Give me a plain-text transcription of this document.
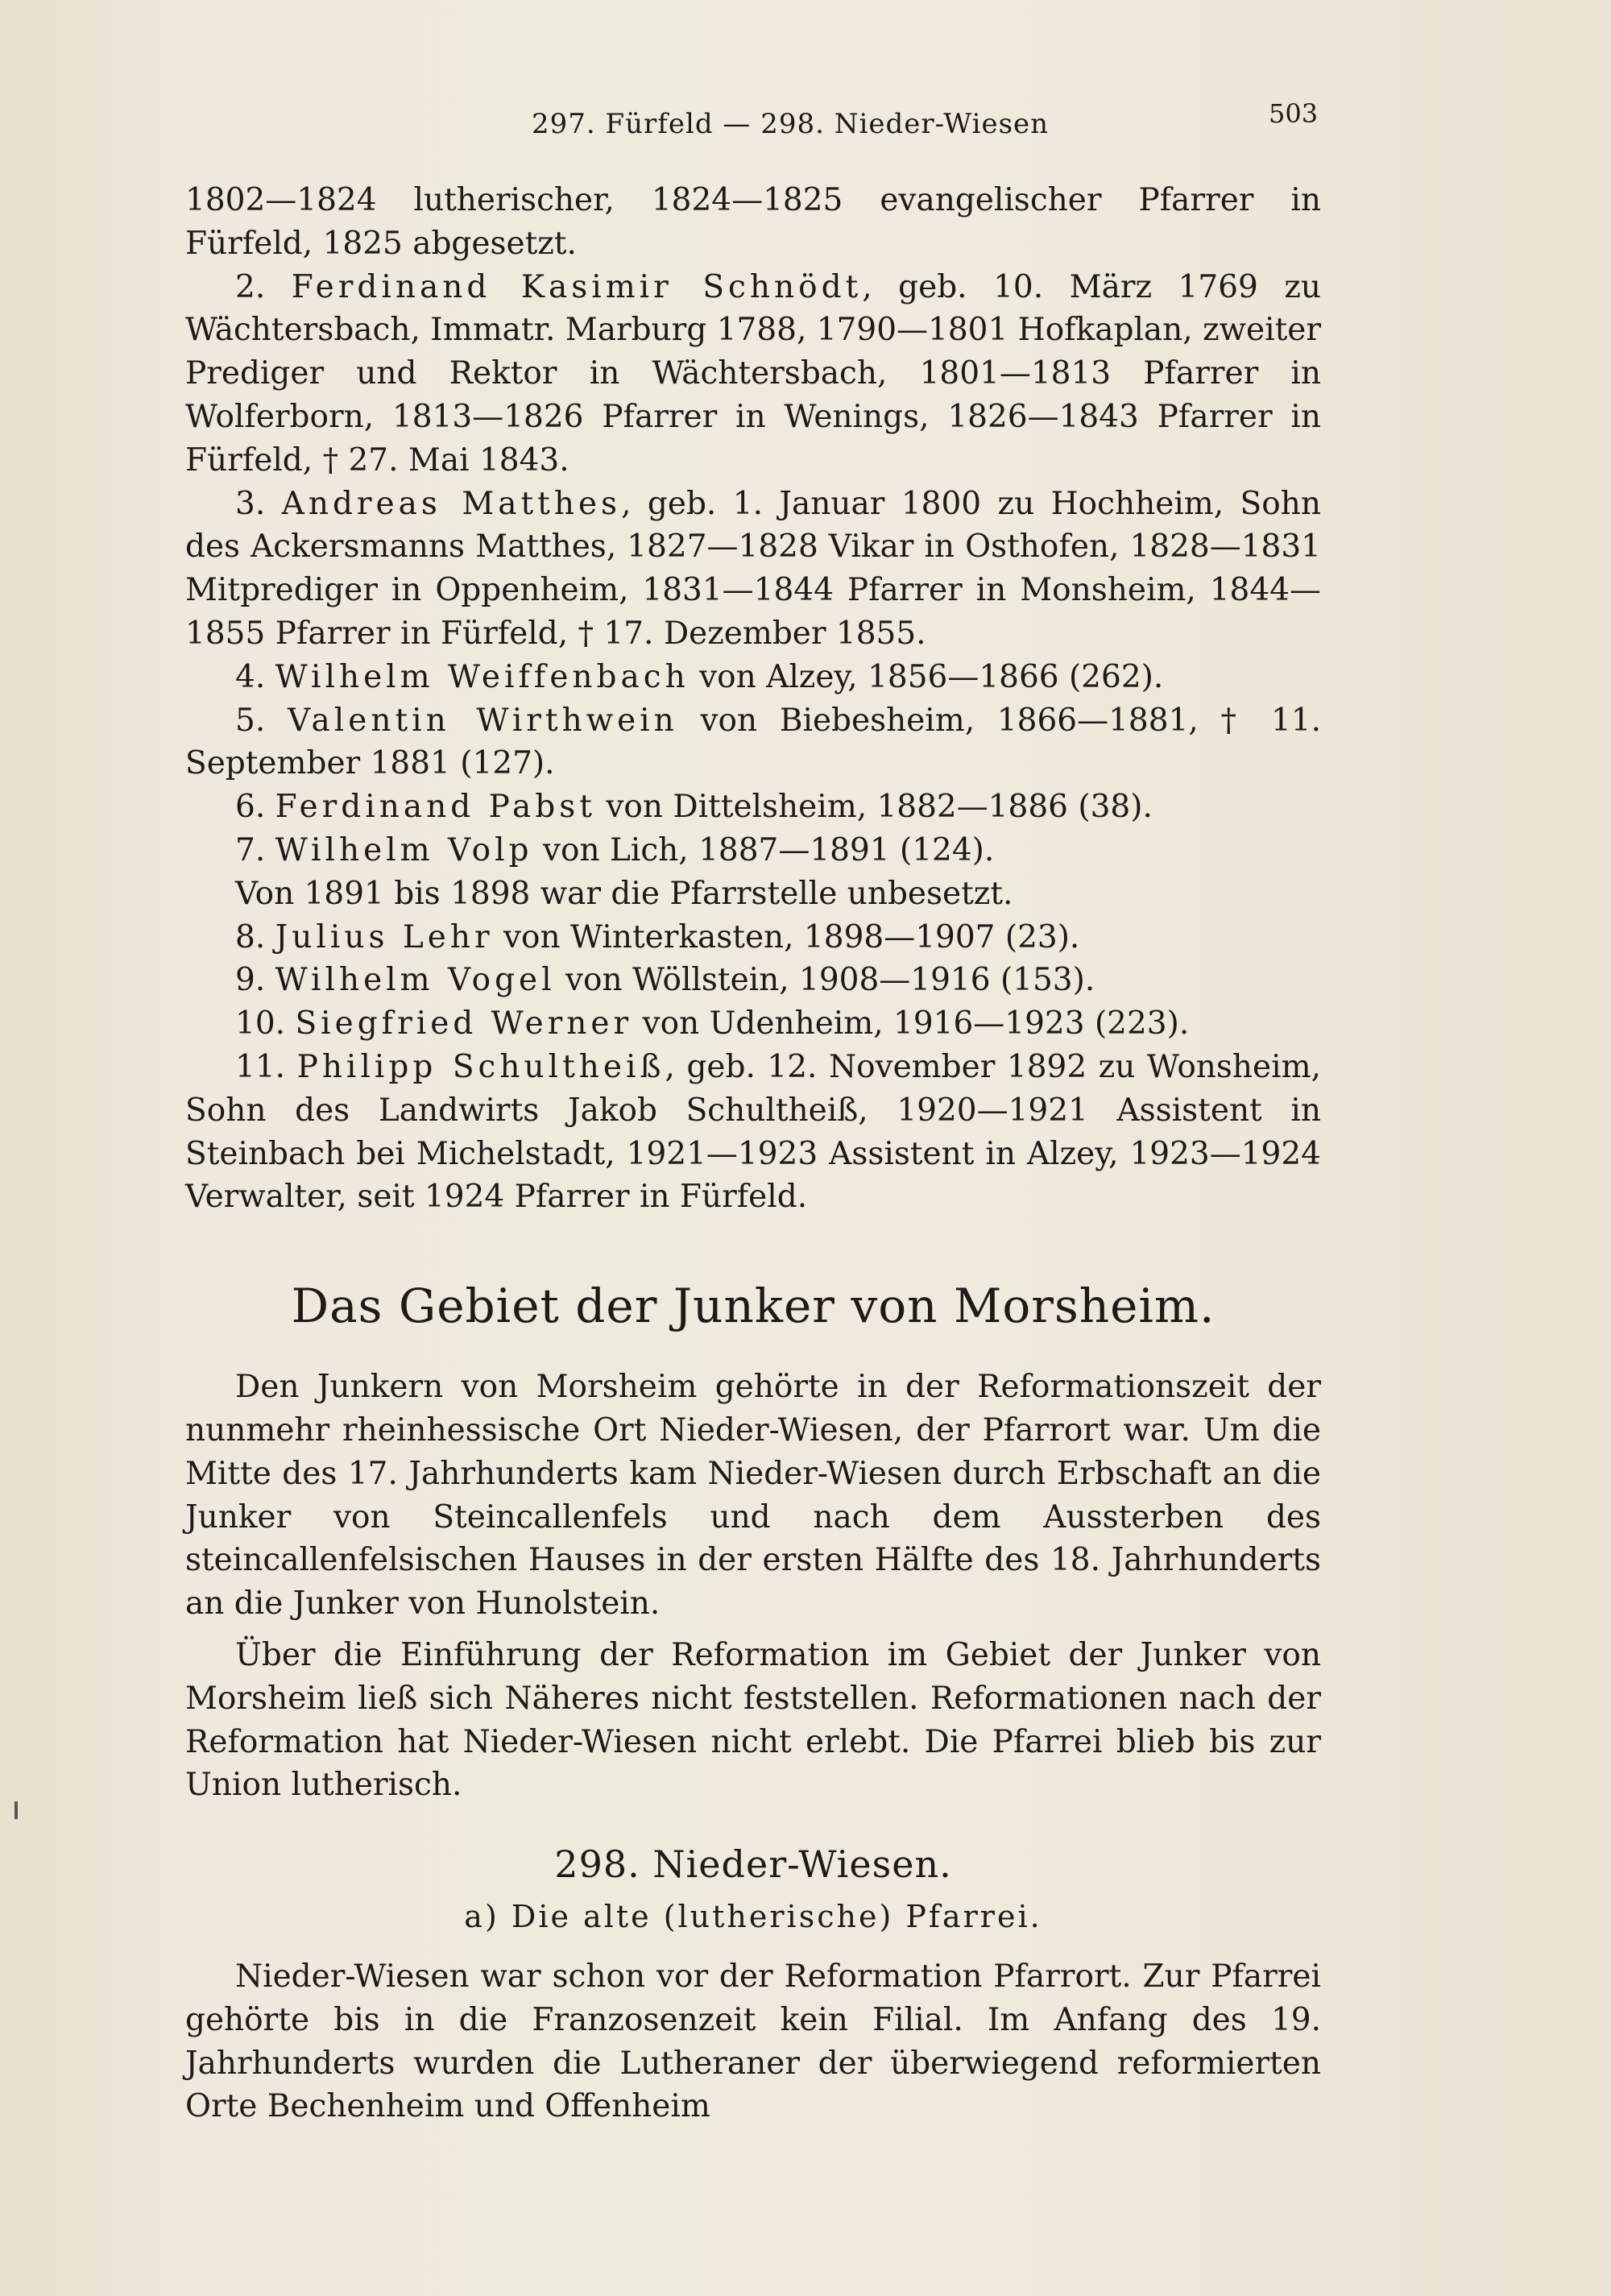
297. Fürfeld — 298. Nieder-Wiesen	503

1802—1824 lutherischer, 1824—1825 evangelischer Pfarrer in Fürfeld, 1825 abgesetzt.

2. Ferdinand Kasimir Schnödt, geb. 10. März 1769 zu Wächtersbach, Immatr. Marburg 1788, 1790—1801 Hofkaplan, zweiter Prediger und Rektor in Wächtersbach, 1801—1813 Pfarrer in Wolferborn, 1813—1826 Pfarrer in Wenings, 1826—1843 Pfarrer in Fürfeld, † 27. Mai 1843.

3. Andreas Matthes, geb. 1. Januar 1800 zu Hochheim, Sohn des Ackersmanns Matthes, 1827—1828 Vikar in Osthofen, 1828—1831 Mitprediger in Oppenheim, 1831—1844 Pfarrer in Monsheim, 1844—1855 Pfarrer in Fürfeld, † 17. Dezember 1855.

4. Wilhelm Weiffenbach von Alzey, 1856—1866 (262).

5. Valentin Wirthwein von Biebesheim, 1866—1881, † 11. September 1881 (127).

6. Ferdinand Pabst von Dittelsheim, 1882—1886 (38).

7. Wilhelm Volp von Lich, 1887—1891 (124).

Von 1891 bis 1898 war die Pfarrstelle unbesetzt.

8. Julius Lehr von Winterkasten, 1898—1907 (23).

9. Wilhelm Vogel von Wöllstein, 1908—1916 (153).

10. Siegfried Werner von Udenheim, 1916—1923 (223).

11. Philipp Schultheiß, geb. 12. November 1892 zu Wonsheim, Sohn des Landwirts Jakob Schultheiß, 1920—1921 Assistent in Steinbach bei Michelstadt, 1921—1923 Assistent in Alzey, 1923—1924 Verwalter, seit 1924 Pfarrer in Fürfeld.

Das Gebiet der Junker von Morsheim.

Den Junkern von Morsheim gehörte in der Reformationszeit der nunmehr rheinhessische Ort Nieder-Wiesen, der Pfarrort war. Um die Mitte des 17. Jahrhunderts kam Nieder-Wiesen durch Erbschaft an die Junker von Steincallenfels und nach dem Aussterben des steincallenfelsischen Hauses in der ersten Hälfte des 18. Jahrhunderts an die Junker von Hunolstein.

Über die Einführung der Reformation im Gebiet der Junker von Morsheim ließ sich Näheres nicht feststellen. Reformationen nach der Reformation hat Nieder-Wiesen nicht erlebt. Die Pfarrei blieb bis zur Union lutherisch.

298. Nieder-Wiesen.
a) Die alte (lutherische) Pfarrei.

Nieder-Wiesen war schon vor der Reformation Pfarrort. Zur Pfarrei gehörte bis in die Franzosenzeit kein Filial. Im Anfang des 19. Jahrhunderts wurden die Lutheraner der überwiegend reformierten Orte Bechenheim und Offenheim
